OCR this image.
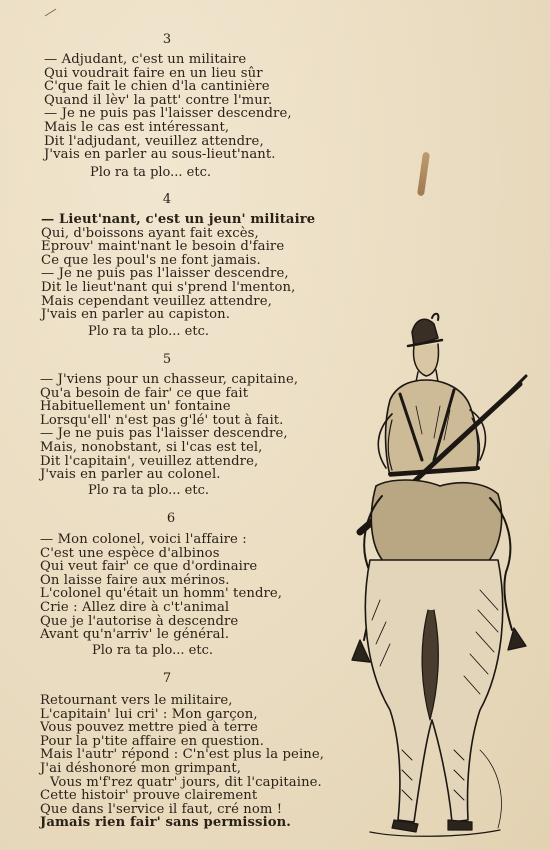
3
— Adjudant, c'est un militaire
Qui voudrait faire en un lieu sûr
C'que fait le chien d'la cantinière
Quand il lèv' la patt' contre l'mur.
— Je ne puis pas l'laisser descendre,
Mais le cas est intéressant,
Dit l'adjudant, veuillez attendre,
J'vais en parler au sous-lieut'nant.
Plo ra ta plo... etc.
4
— Lieut'nant, c'est un jeun' militaire
Qui, d'boissons ayant fait excès,
Eprouv' maint'nant le besoin d'faire
Ce que les poul's ne font jamais.
— Je ne puis pas l'laisser descendre,
Dit le lieut'nant qui s'prend l'menton,
Mais cependant veuillez attendre,
J'vais en parler au capiston.
Plo ra ta plo... etc.
5
— J'viens pour un chasseur, capitaine,
Qu'a besoin de fair' ce que fait
Habituellement un' fontaine
Lorsqu'ell' n'est pas g'lé' tout à fait.
— Je ne puis pas l'laisser descendre,
Mais, nonobstant, si l'cas est tel,
Dit l'capitain', veuillez attendre,
J'vais en parler au colonel.
Plo ra ta plo... etc.
6
— Mon colonel, voici l'affaire :
C'est une espèce d'albinos
Qui veut fair' ce que d'ordinaire
On laisse faire aux mérinos.
L'colonel qu'était un homm' tendre,
Crie : Allez dire à c't'animal
Que je l'autorise à descendre
Avant qu'n'arriv' le général.
Plo ra ta plo... etc.
7
Retournant vers le militaire,
L'capitain' lui cri' : Mon garçon,
Vous pouvez mettre pied à terre
Pour la p'tite affaire en question.
Mais l'autr' répond : C'n'est plus la peine,
J'ai déshonoré mon grimpant,
Vous m'f'rez quatr' jours, dit l'capitaine.
Cette histoir' prouve clairement
Que dans l'service il faut, cré nom !
Jamais rien fair' sans permission.
